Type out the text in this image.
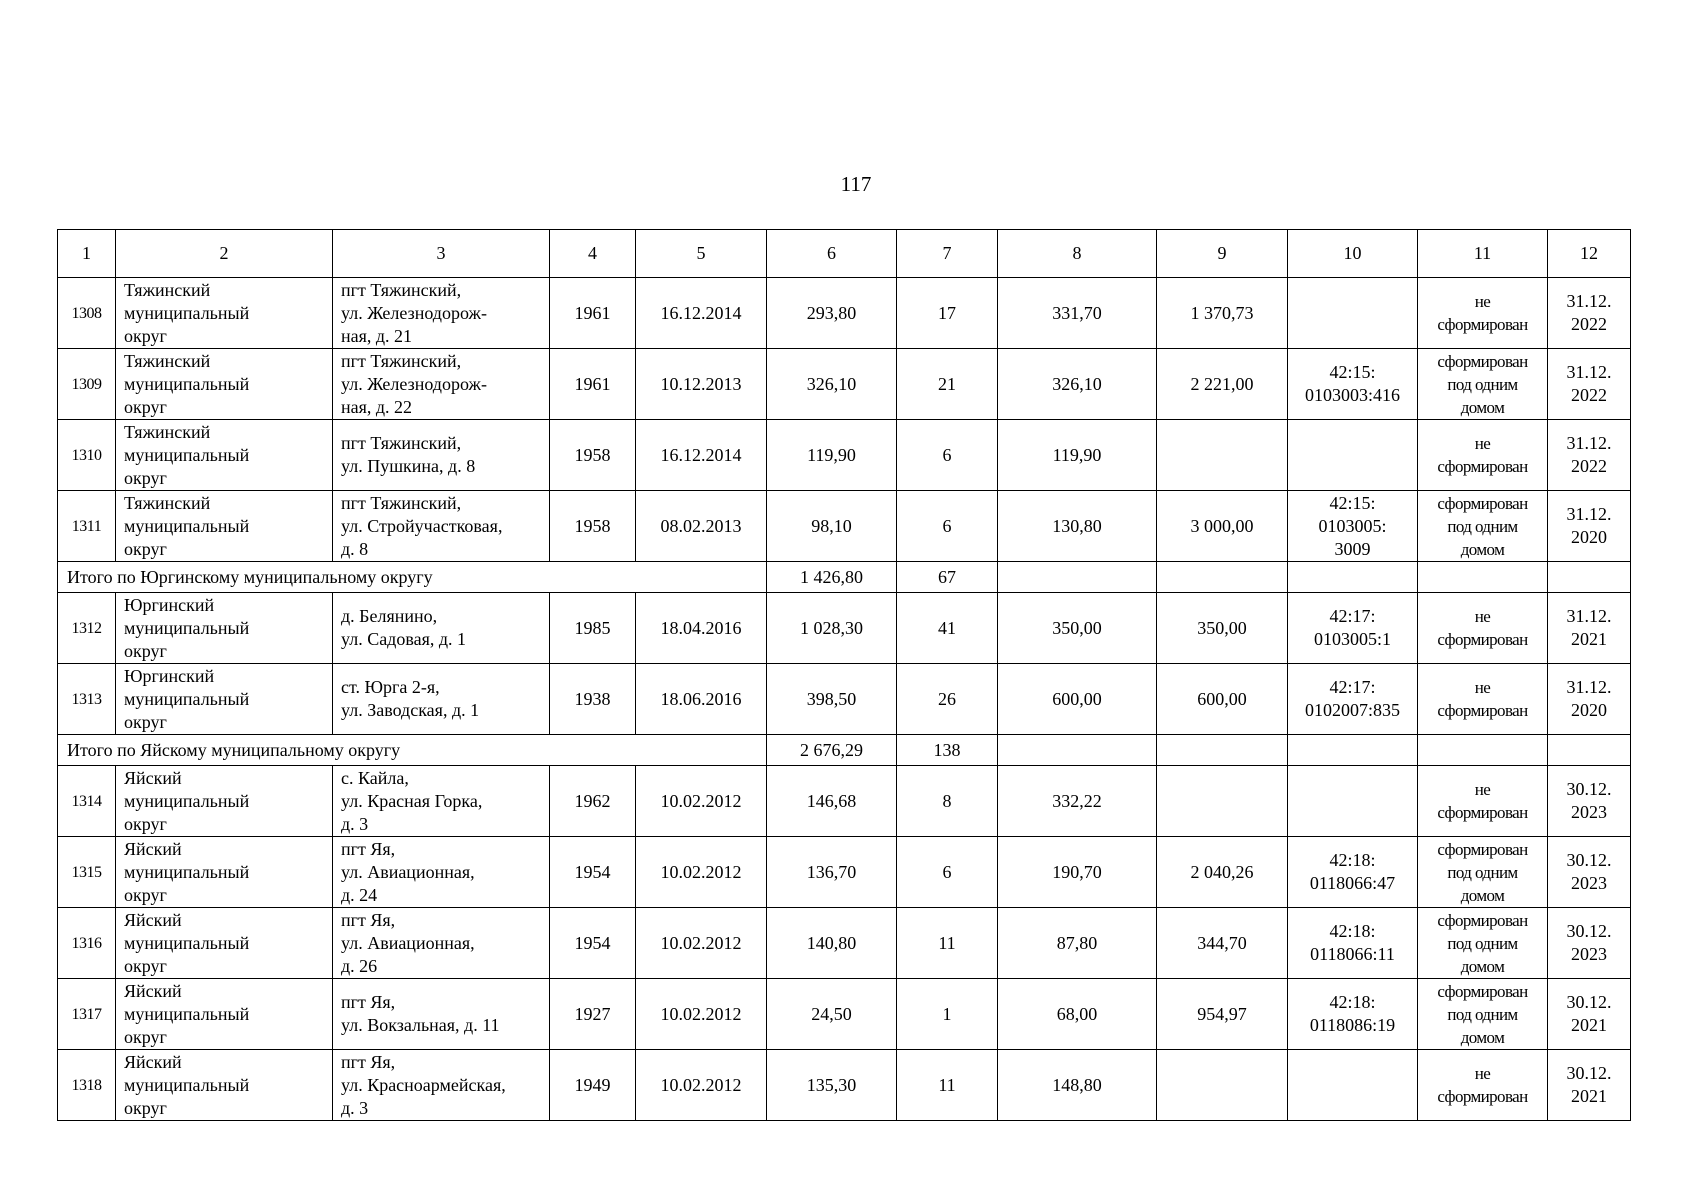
117
1	2	3	4	5	6	7	8	9	10	11	12
1308	Тяжинский
муниципальный
округ	пгт Тяжинский,
ул. Железнодорож-
ная, д. 21	1961	16.12.2014	293,80	17	331,70	1 370,73		не
сформирован	31.12.
2022

1309	Тяжинский
муниципальный
округ	пгт Тяжинский,
ул. Железнодорож-
ная, д. 22	1961	10.12.2013	326,10	21	326,10	2 221,00	42:15:
0103003:416	сформирован
под одним
домом	31.12.
2022

1310	Тяжинский
муниципальный
округ	пгт Тяжинский,
ул. Пушкина, д. 8	1958	16.12.2014	119,90	6	119,90			не
сформирован	31.12.
2022

1311	Тяжинский
муниципальный
округ	пгт Тяжинский,
ул. Стройучастковая,
д. 8	1958	08.02.2013	98,10	6	130,80	3 000,00	42:15:
0103005:
3009	сформирован
под одним
домом	31.12.
2020

Итого по Юргинскому муниципальному округу					1 426,80	67					
1312	Юргинский
муниципальный
округ	д. Белянино,
ул. Садовая, д. 1	1985	18.04.2016	1 028,30	41	350,00	350,00	42:17:
0103005:1	не
сформирован	31.12.
2021

1313	Юргинский
муниципальный
округ	ст. Юрга 2-я,
ул. Заводская, д. 1	1938	18.06.2016	398,50	26	600,00	600,00	42:17:
0102007:835	не
сформирован	31.12.
2020

Итого по Яйскому муниципальному округу					2 676,29	138					
1314	Яйский
муниципальный
округ	с. Кайла,
ул. Красная Горка,
д. 3	1962	10.02.2012	146,68	8	332,22			не
сформирован	30.12.
2023

1315	Яйский
муниципальный
округ	пгт Яя,
ул. Авиационная,
д. 24	1954	10.02.2012	136,70	6	190,70	2 040,26	42:18:
0118066:47	сформирован
под одним
домом	30.12.
2023

1316	Яйский
муниципальный
округ	пгт Яя,
ул. Авиационная,
д. 26	1954	10.02.2012	140,80	11	87,80	344,70	42:18:
0118066:11	сформирован
под одним
домом	30.12.
2023

1317	Яйский
муниципальный
округ	пгт Яя,
ул. Вокзальная, д. 11	1927	10.02.2012	24,50	1	68,00	954,97	42:18:
0118086:19	сформирован
под одним
домом	30.12.
2021

1318	Яйский
муниципальный
округ	пгт Яя,
ул. Красноармейская,
д. 3	1949	10.02.2012	135,30	11	148,80			не
сформирован	30.12.
2021
